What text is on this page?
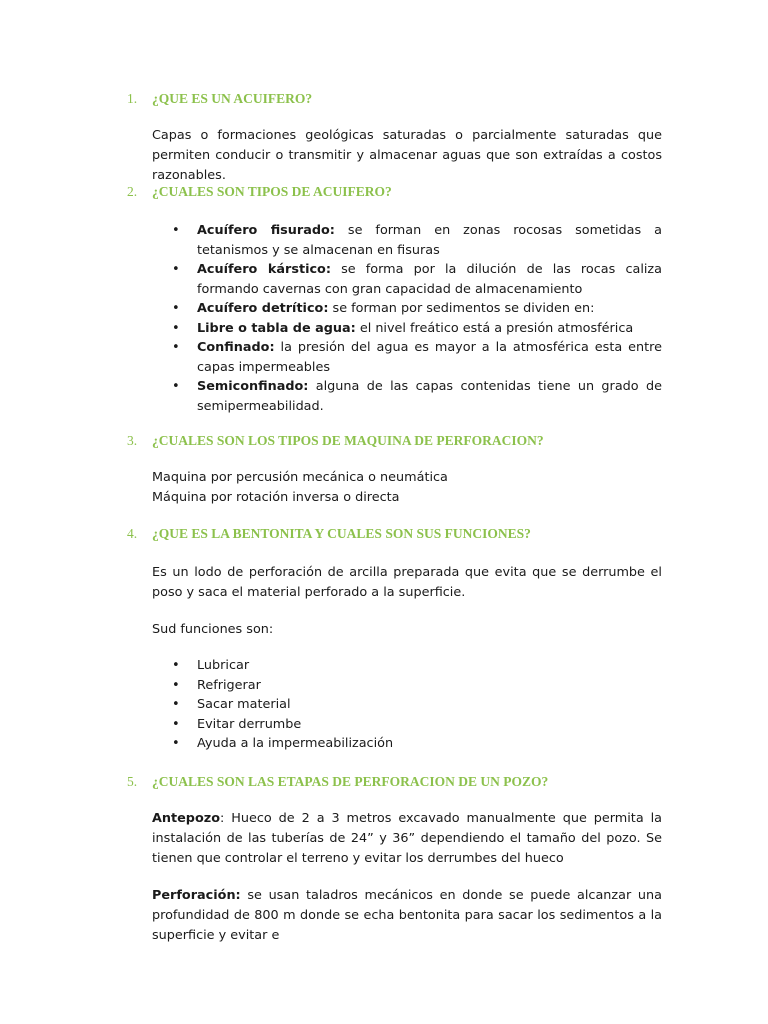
1. ¿QUE ES UN ACUIFERO?
Capas o formaciones geológicas saturadas o parcialmente saturadas que permiten conducir o transmitir y almacenar aguas que son extraídas a costos razonables.
2. ¿CUALES SON TIPOS DE ACUIFERO?
• Acuífero fisurado: se forman en zonas rocosas sometidas a tetanismos y se almacenan en fisuras
• Acuífero kárstico: se forma por la dilución de las rocas caliza formando cavernas con gran capacidad de almacenamiento
• Acuífero detrítico: se forman por sedimentos se dividen en:
• Libre o tabla de agua: el nivel freático está a presión atmosférica
• Confinado: la presión del agua es mayor a la atmosférica esta entre capas impermeables
• Semiconfinado: alguna de las capas contenidas tiene un grado de semipermeabilidad.
3. ¿CUALES SON LOS TIPOS DE MAQUINA DE PERFORACION?
Maquina por percusión mecánica o neumática
Máquina por rotación inversa o directa
4. ¿QUE ES LA BENTONITA Y CUALES SON SUS FUNCIONES?
Es un lodo de perforación de arcilla preparada que evita que se derrumbe el poso y saca el material perforado a la superficie.
Sud funciones son:
• Lubricar
• Refrigerar
• Sacar material
• Evitar derrumbe
• Ayuda a la impermeabilización
5. ¿CUALES SON LAS ETAPAS DE PERFORACION DE UN POZO?
Antepozo: Hueco de 2 a 3 metros excavado manualmente que permita la instalación de las tuberías de 24” y 36” dependiendo el tamaño del pozo. Se tienen que controlar el terreno y evitar los derrumbes del hueco
Perforación: se usan taladros mecánicos en donde se puede alcanzar una profundidad de 800 m donde se echa bentonita para sacar los sedimentos a la superficie y evitar e
